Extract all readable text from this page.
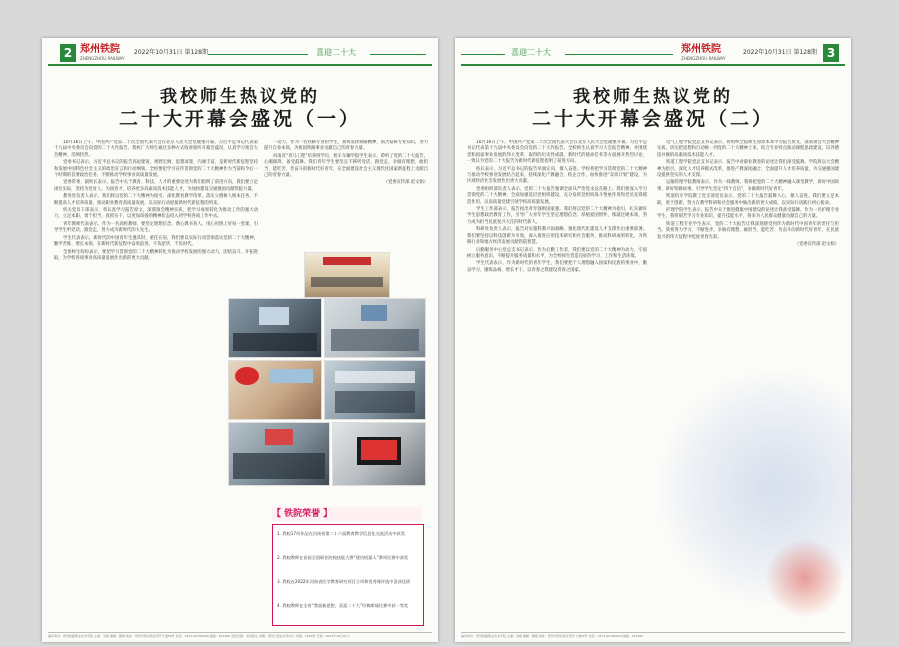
2 郑州铁院
ZHENGZHOU RAILWAY
2022年10月31日 第128期	喜迎二十大
我校师生热议党的
二十大开幕会盛况（一）

10月16日上午，中国共产党第二十次全国代表大会在北京人民大会堂隆重开幕。习近平总书记代表第十九届中央委员会向党的二十大作报告。我校广大师生通过多种方式收看收听开幕会盛况，认真学习领会大会精神，反响热烈。

党委书记表示，习近平总书记的报告高屋建瓴、视野宏阔、思想深邃、内涵丰富，是新时代新征程坚持和发展中国特色社会主义的政治宣言和行动纲领。全校要把学习宣传贯彻党的二十大精神作为当前和今后一个时期的首要政治任务，不断推动学校事业高质量发展。

党委常委、副校长表示，报告中关于教育、科技、人才的重要论述为我们指明了前进方向。我们要立足岗位实际，坚持为党育人、为国育才，培养更多高素质技术技能人才，为加快建设交通强国贡献铁院力量。

教务处负责人表示，我们将以党的二十大精神为指引，深化教育教学改革，落实立德树人根本任务，不断提高人才培养质量，推动职业教育高质量发展，以实际行动迎接新时代新征程的到来。

机关党员干部表示，将认真学习报告原文，深刻领会精神实质，把学习成果转化为推动工作的强大动力，立足本职、勇于担当、真抓实干，以更加昂扬的精神状态投入到学校各项工作中去。

青年教师代表表示，作为一名高校教师，要坚定理想信念，潜心教书育人，用心用情上好每一堂课，引导学生听党话、跟党走，努力成为新时代的大先生。

学生代表表示，新时代的中国青年生逢其时、重任在肩，我们要以实际行动贯彻落实党的二十大精神，勤学苦练、增长本领，在新时代新征程中奋勇前进，不负韶华，不负时代。

全体师生纷纷表示，要把学习贯彻党的二十大精神转化为推动学校发展的强大动力，团结奋斗、开拓进取，为学校各项事业高质量发展作出新的更大贡献。

一动力，作为一名铁路专业的学生，我将发扬铁路精神，刻苦钻研专业知识，努力提升自身本领，为祖国铁路事业贡献自己的青春力量。

河南省“青马工程”培养班学员、机车车辆学院学生表示，聆听了党的二十大报告，心潮澎湃、备受鼓舞。我们青年学生要坚定不移听党话、跟党走，争做有理想、敢担当、能吃苦、肯奋斗的新时代好青年，在全面建设社会主义现代化国家新征程上贡献自己的青春力量。

（党委宣传部 赵文娟）

【 铁院荣誉 】
1. 我校17项作品在河南省第二十六届教育教学信息化交流活动中获奖
2. 我校教师在首届全国职业院校技能大赛“建功机器人”赛项比赛中获奖
3. 我校在2022年河南省医学教育研究项目立项和优秀课评选中喜获佳绩
4. 我校教师在全省“我说新思想、喜迎二十大”经典朗诵比赛中获一等奖
编印单位：郑州铁路职业技术学院 主编：吴峰 编辑：魏翔 地址：郑州市郑东新区郑开大道56号 电话：0371-69780000 邮编：451460 发送范围：本校师生 印刷：郑州日报社印务中心 印数：1500份 日期：2022年10月31日
喜迎二十大	郑州铁院
ZHENGZHOU RAILWAY
2022年10月31日 第128期 3
我校师生热议党的
二十大开幕会盛况（二）

10月16日上午，中国共产党第二十次全国代表大会在北京人民大会堂隆重开幕，习近平总书记代表第十九届中央委员会向党的二十大作报告。全校师生认真学习大会报告精神，并围绕党和国家事业发展的伟大变革、取得的历史性成就、新时代的使命任务等方面展开热烈讨论，一致认为党的二十大报告为新时代新征程指明了前进方向。

校长表示，习近平总书记的报告举旗定向、催人奋进。学校将把学习贯彻党的二十大精神与推动学校事业发展结合起来，持续深化产教融合、校企合作，加快推进“双高计划”建设，为区域经济社会发展作出更大贡献。

党委组织部负责人表示，党的二十大报告强调全面从严治党永远在路上。我们要深入学习贯彻党的二十大精神，全面加强基层党组织建设，充分发挥党组织战斗堡垒作用和党员先锋模范作用，以高质量党建引领学校高质量发展。

学生工作部表示，报告指出青年强则国家强。我们将以党的二十大精神为指引，扎实做好学生思想政治教育工作，引导广大青年学生坚定理想信念，厚植爱国情怀，练就过硬本领，努力成为担当民族复兴大任的时代新人。

科研处负责人表示，报告对实施科教兴国战略、强化现代化建设人才支撑作出重要部署。我们要坚持以科技创新为引领，深入推进应用技术研究和社会服务，推动科研成果转化，为铁路行业和地方经济发展贡献铁院智慧。

后勤服务中心党总支书记表示，作为后勤工作者，我们要以党的二十大精神为动力，牢固树立服务意识，不断提升服务质量和水平，为全校师生营造良好的学习、工作和生活环境。

学生代表表示，作为新时代的青年学生，我们要把个人理想融入国家和民族的事业中，勤奋学习、锤炼品格、增长才干，以青春之我建设青春之国家。

电气工程学院党总支书记表示，将组织全院师生原原本本学习报告原文，深刻领会大会精神实质，切实把思想和行动统一到党的二十大精神上来，结合专业特点推动课程思政建设，培养德技并修的高素质技术技能人才。

铁道工程学院党总支书记表示，报告中对职业教育的论述让我们深受鼓舞。学院将以大会精神为指引，深化人才培养模式改革，推进产教深度融合，全面提升人才培养质量，为交通强国建设提供坚实的人才支撑。

运输管理学院教师表示，作为一线教师，我将把党的二十大精神融入课堂教学，讲好中国故事、讲好铁路故事，引导学生坚定“四个自信”，争做新时代好青年。

铁道机车学院教工党支部党员表示，党的二十大报告鼓舞人心、催人奋进。我们要立足本职，勇于创新，努力在教学科研和社会服务中做出新的更大成绩，以实际行动践行初心使命。

护理学院学生表示，报告中关于推进健康中国建设的论述让我备受鼓舞，作为一名护理专业学生，我将刻苦学习专业知识，提升技能水平，将来为人民群众健康贡献自己的力量。

铁道工程专业学生表示，党的二十大报告让我深刻感受到作为新时代中国青年的责任与担当。我将努力学习、不断进步，争做有理想、敢担当、能吃苦、肯奋斗的新时代好青年，在民族复兴的伟大征程中绽放青春光彩。

（党委宣传部 赵文娟）

编印单位：郑州铁路职业技术学院 主编：吴峰 编辑：魏翔 地址：郑州市郑东新区郑开大道56号 电话：0371-69780000 邮编：451460
